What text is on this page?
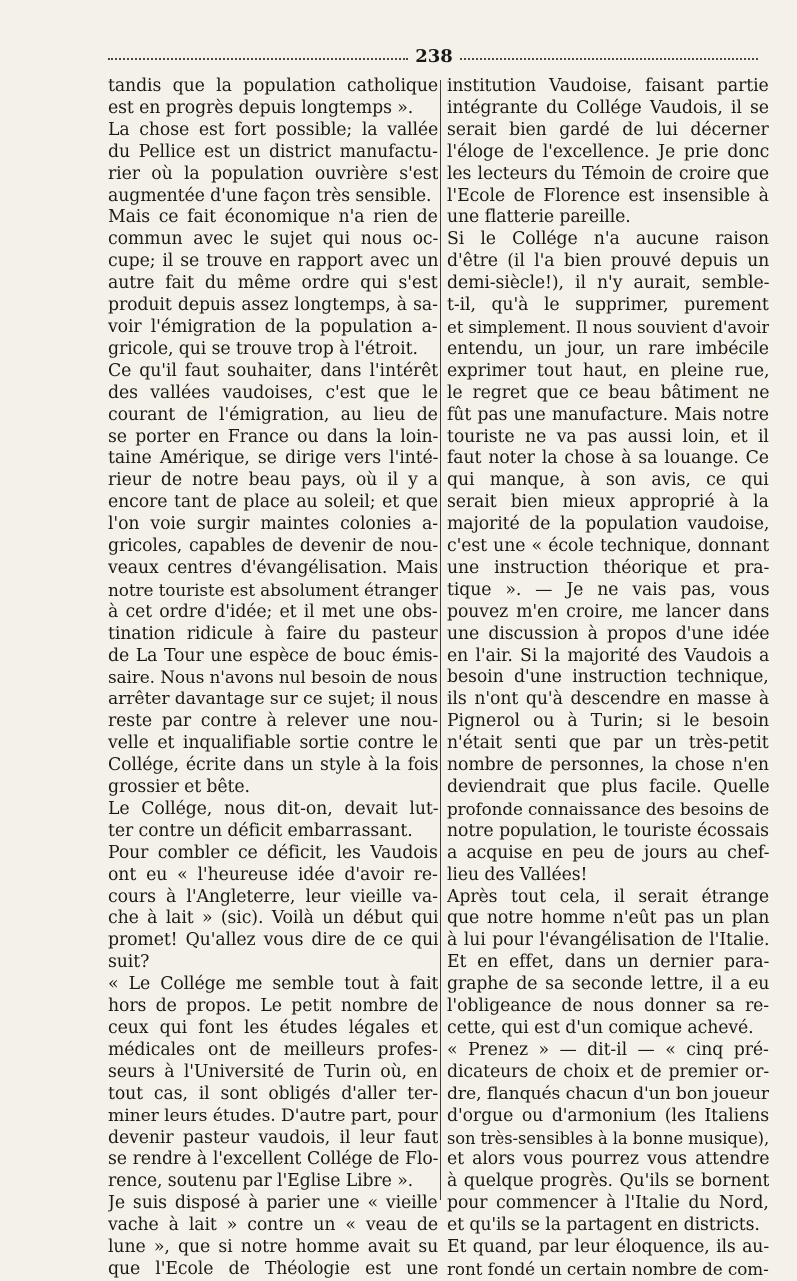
238
tandis que la population catholique
est en progrès depuis longtemps ».
La chose est fort possible; la vallée
du Pellice est un district manufactu-
rier où la population ouvrière s'est
augmentée d'une façon très sensible.
Mais ce fait économique n'a rien de
commun avec le sujet qui nous oc-
cupe; il se trouve en rapport avec un
autre fait du même ordre qui s'est
produit depuis assez longtemps, à sa-
voir l'émigration de la population a-
gricole, qui se trouve trop à l'étroit.
Ce qu'il faut souhaiter, dans l'intérêt
des vallées vaudoises, c'est que le
courant de l'émigration, au lieu de
se porter en France ou dans la loin-
taine Amérique, se dirige vers l'inté-
rieur de notre beau pays, où il y a
encore tant de place au soleil; et que
l'on voie surgir maintes colonies a-
gricoles, capables de devenir de nou-
veaux centres d'évangélisation. Mais
notre touriste est absolument étranger
à cet ordre d'idée; et il met une obs-
tination ridicule à faire du pasteur
de La Tour une espèce de bouc émis-
saire. Nous n'avons nul besoin de nous
arrêter davantage sur ce sujet; il nous
reste par contre à relever une nou-
velle et inqualifiable sortie contre le
Collége, écrite dans un style à la fois
grossier et bête.
Le Collége, nous dit-on, devait lut-
ter contre un déficit embarrassant.
Pour combler ce déficit, les Vaudois
ont eu « l'heureuse idée d'avoir re-
cours à l'Angleterre, leur vieille va-
che à lait » (sic). Voilà un début qui
promet! Qu'allez vous dire de ce qui
suit?
« Le Collége me semble tout à fait
hors de propos. Le petit nombre de
ceux qui font les études légales et
médicales ont de meilleurs profes-
seurs à l'Université de Turin où, en
tout cas, il sont obligés d'aller ter-
miner leurs études. D'autre part, pour
devenir pasteur vaudois, il leur faut
se rendre à l'excellent Collége de Flo-
rence, soutenu par l'Eglise Libre ».
Je suis disposé à parier une « vieille
vache à lait » contre un « veau de
lune », que si notre homme avait su
que l'Ecole de Théologie est une
institution Vaudoise, faisant partie
intégrante du Collége Vaudois, il se
serait bien gardé de lui décerner
l'éloge de l'excellence. Je prie donc
les lecteurs du Témoin de croire que
l'Ecole de Florence est insensible à
une flatterie pareille.
Si le Collége n'a aucune raison
d'être (il l'a bien prouvé depuis un
demi-siècle!), il n'y aurait, semble-
t-il, qu'à le supprimer, purement
et simplement. Il nous souvient d'avoir
entendu, un jour, un rare imbécile
exprimer tout haut, en pleine rue,
le regret que ce beau bâtiment ne
fût pas une manufacture. Mais notre
touriste ne va pas aussi loin, et il
faut noter la chose à sa louange. Ce
qui manque, à son avis, ce qui
serait bien mieux approprié à la
majorité de la population vaudoise,
c'est une « école technique, donnant
une instruction théorique et pra-
tique ». — Je ne vais pas, vous
pouvez m'en croire, me lancer dans
une discussion à propos d'une idée
en l'air. Si la majorité des Vaudois a
besoin d'une instruction technique,
ils n'ont qu'à descendre en masse à
Pignerol ou à Turin; si le besoin
n'était senti que par un très-petit
nombre de personnes, la chose n'en
deviendrait que plus facile. Quelle
profonde connaissance des besoins de
notre population, le touriste écossais
a acquise en peu de jours au chef-
lieu des Vallées!
Après tout cela, il serait étrange
que notre homme n'eût pas un plan
à lui pour l'évangélisation de l'Italie.
Et en effet, dans un dernier para-
graphe de sa seconde lettre, il a eu
l'obligeance de nous donner sa re-
cette, qui est d'un comique achevé.
« Prenez » — dit-il — « cinq pré-
dicateurs de choix et de premier or-
dre, flanqués chacun d'un bon joueur
d'orgue ou d'armonium (les Italiens
son très-sensibles à la bonne musique),
et alors vous pourrez vous attendre
à quelque progrès. Qu'ils se bornent
pour commencer à l'Italie du Nord,
et qu'ils se la partagent en districts.
Et quand, par leur éloquence, ils au-
ront fondé un certain nombre de com-
